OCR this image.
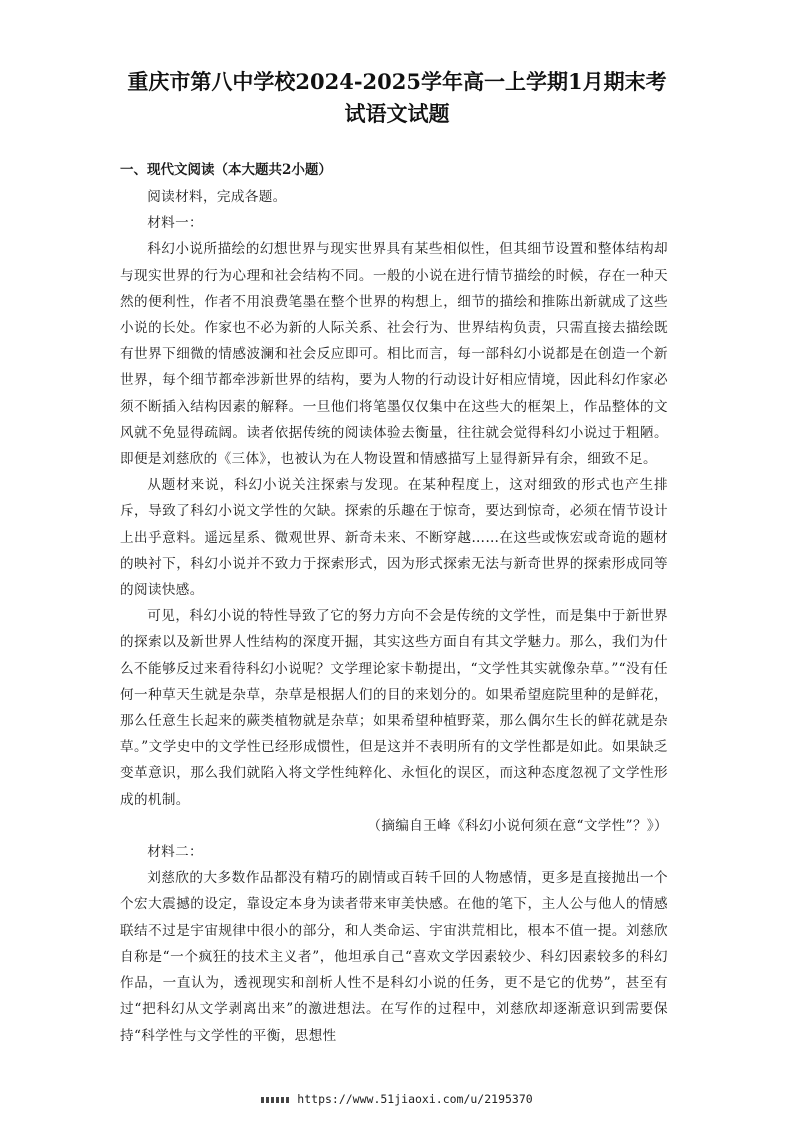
重庆市第八中学校2024-2025学年高一上学期1月期末考
试语文试题
一、现代文阅读（本大题共2小题）

阅读材料，完成各题。

材料一：

科幻小说所描绘的幻想世界与现实世界具有某些相似性，但其细节设置和整体结构却与现实世界的行为心理和社会结构不同。一般的小说在进行情节描绘的时候，存在一种天然的便利性，作者不用浪费笔墨在整个世界的构想上，细节的描绘和推陈出新就成了这些小说的长处。作家也不必为新的人际关系、社会行为、世界结构负责，只需直接去描绘既有世界下细微的情感波澜和社会反应即可。相比而言，每一部科幻小说都是在创造一个新世界，每个细节都牵涉新世界的结构，要为人物的行动设计好相应情境，因此科幻作家必须不断插入结构因素的解释。一旦他们将笔墨仅仅集中在这些大的框架上，作品整体的文风就不免显得疏阔。读者依据传统的阅读体验去衡量，往往就会觉得科幻小说过于粗陋。即便是刘慈欣的《三体》，也被认为在人物设置和情感描写上显得新异有余，细致不足。

从题材来说，科幻小说关注探索与发现。在某种程度上，这对细致的形式也产生排斥，导致了科幻小说文学性的欠缺。探索的乐趣在于惊奇，要达到惊奇，必须在情节设计上出乎意料。遥远星系、微观世界、新奇未来、不断穿越……在这些或恢宏或奇诡的题材的映衬下，科幻小说并不致力于探索形式，因为形式探索无法与新奇世界的探索形成同等的阅读快感。

可见，科幻小说的特性导致了它的努力方向不会是传统的文学性，而是集中于新世界的探索以及新世界人性结构的深度开掘，其实这些方面自有其文学魅力。那么，我们为什么不能够反过来看待科幻小说呢？文学理论家卡勒提出，“文学性其实就像杂草。”“没有任何一种草天生就是杂草，杂草是根据人们的目的来划分的。如果希望庭院里种的是鲜花，那么任意生长起来的蕨类植物就是杂草；如果希望种植野菜，那么偶尔生长的鲜花就是杂草。”文学史中的文学性已经形成惯性，但是这并不表明所有的文学性都是如此。如果缺乏变革意识，那么我们就陷入将文学性纯粹化、永恒化的误区，而这种态度忽视了文学性形成的机制。

（摘编自王峰《科幻小说何须在意“文学性”？》）

材料二：

刘慈欣的大多数作品都没有精巧的剧情或百转千回的人物感情，更多是直接抛出一个个宏大震撼的设定，靠设定本身为读者带来审美快感。在他的笔下，主人公与他人的情感联结不过是宇宙规律中很小的部分，和人类命运、宇宙洪荒相比，根本不值一提。刘慈欣自称是“一个疯狂的技术主义者”，他坦承自己“喜欢文学因素较少、科幻因素较多的科幻作品，一直认为，透视现实和剖析人性不是科幻小说的任务，更不是它的优势”，甚至有过“把科幻从文学剥离出来”的激进想法。在写作的过程中，刘慈欣却逐渐意识到需要保持“科学性与文学性的平衡，思想性

https://www.51jiaoxi.com/u/2195370
